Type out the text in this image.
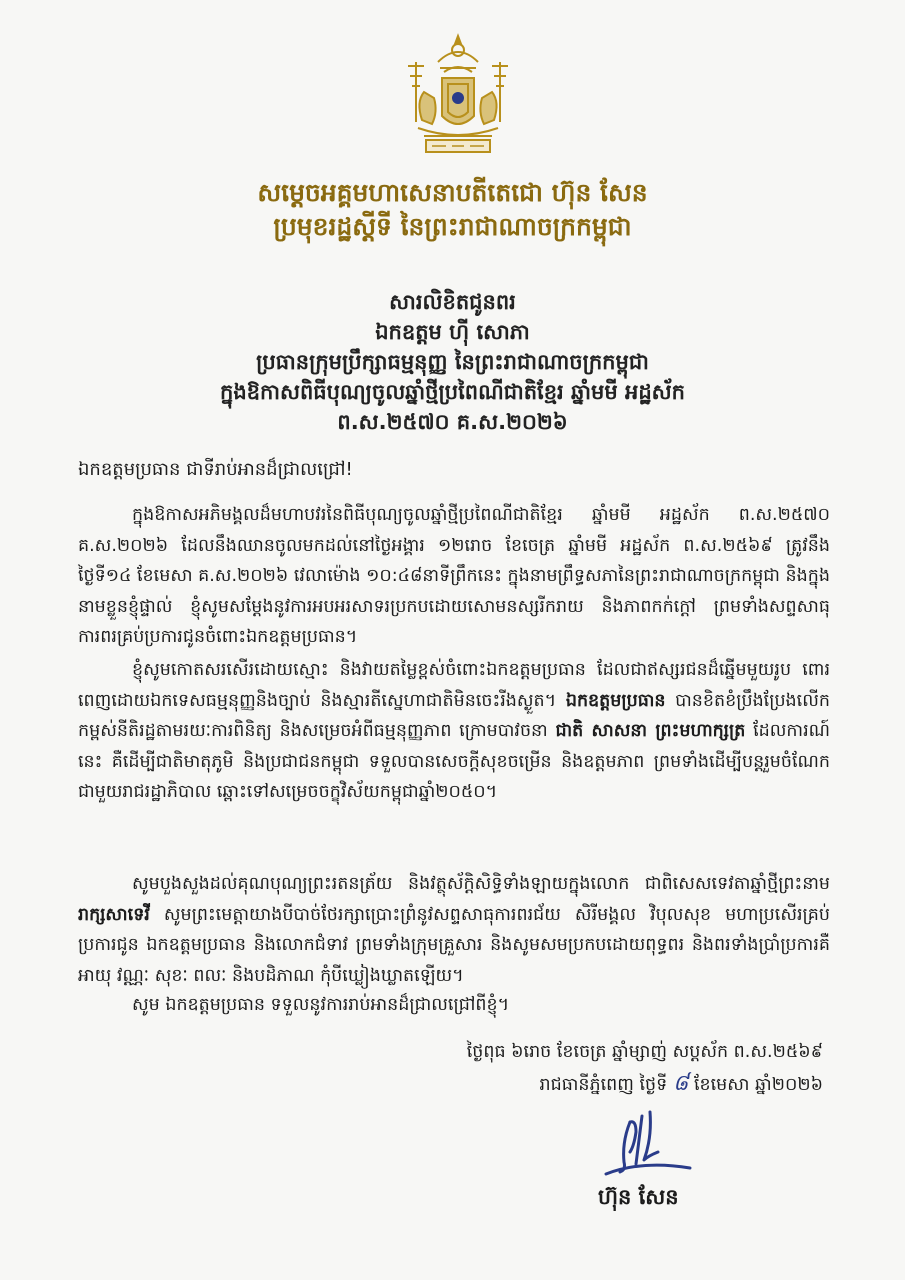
សម្តេចអគ្គមហាសេនាបតីតេជោ ហ៊ុន សែន
ប្រមុខរដ្ឋស្តីទី នៃព្រះរាជាណាចក្រកម្ពុជា
សារលិខិតជូនពរ
ឯកឧត្តម ហ៊ី សោភា
ប្រធានក្រុមប្រឹក្សាធម្មនុញ្ញ នៃព្រះរាជាណាចក្រកម្ពុជា
ក្នុងឱកាសពិធីបុណ្យចូលឆ្នាំថ្មីប្រពៃណីជាតិខ្មែរ ឆ្នាំមមី អដ្ឋស័ក
ព.ស.២៥៧០ គ.ស.២០២៦
ឯកឧត្តមប្រធាន ជាទីរាប់អានដ៏ជ្រាលជ្រៅ!
ក្នុងឱកាសអភិមង្គលដ៏មហាបវរនៃពិធីបុណ្យចូលឆ្នាំថ្មីប្រពៃណីជាតិខ្មែរ ឆ្នាំមមី អដ្ឋស័ក ព.ស.២៥៧០ គ.ស.២០២៦ ដែលនឹងឈានចូលមកដល់នៅថ្ងៃអង្គារ ១២រោច ខែចេត្រ ឆ្នាំមមី អដ្ឋស័ក ព.ស.២៥៦៩ ត្រូវនឹងថ្ងៃទី១៤ ខែមេសា គ.ស.២០២៦ វេលាម៉ោង ១០:៤៨នាទីព្រឹកនេះ ក្នុងនាមព្រឹទ្ធសភានៃព្រះរាជាណាចក្រកម្ពុជា និងក្នុងនាមខ្លួនខ្ញុំផ្ទាល់ ខ្ញុំសូមសម្តែងនូវការអបអរសាទរប្រកបដោយសោមនស្សរីករាយ និងភាពកក់ក្តៅ ព្រមទាំងសព្ទសាធុការពរគ្រប់ប្រការជូនចំពោះឯកឧត្តមប្រធាន។
ខ្ញុំសូមកោតសរសើរដោយស្មោះ និងវាយតម្លៃខ្ពស់ចំពោះឯកឧត្តមប្រធាន ដែលជាឥស្សរជនដ៏ឆ្នើមមួយរូប ពោរពេញដោយឯកទេសធម្មនុញ្ញនិងច្បាប់ និងស្មារតីស្នេហាជាតិមិនចេះរីងស្ងួត។ ឯកឧត្តមប្រធាន បានខិតខំប្រឹងប្រែងលើកកម្ពស់នីតិរដ្ឋតាមរយៈការពិនិត្យ និងសម្រេចអំពីធម្មនុញ្ញភាព ក្រោមបាវចនា ជាតិ សាសនា ព្រះមហាក្សត្រ ដែលការណ៍នេះ គឺដើម្បីជាតិមាតុភូមិ និងប្រជាជនកម្ពុជា ទទួលបានសេចក្តីសុខចម្រើន និងឧត្តមភាព ព្រមទាំងដើម្បីបន្តរួមចំណែកជាមួយរាជរដ្ឋាភិបាល ឆ្ពោះទៅសម្រេចចក្ខុវិស័យកម្ពុជាឆ្នាំ២០៥០។
សូមបួងសួងដល់គុណបុណ្យព្រះរតនត្រ័យ និងវត្ថុស័ក្តិសិទ្ធិទាំងឡាយក្នុងលោក ជាពិសេសទេវតាឆ្នាំថ្មីព្រះនាម រាក្សសាទេវី សូមព្រះមេត្តាយាងបីបាច់ថែរក្សាប្រោះព្រំនូវសព្ទសាធុការពរជ័យ សិរីមង្គល វិបុលសុខ មហាប្រសើរគ្រប់ប្រការជូន ឯកឧត្តមប្រធាន និងលោកជំទាវ ព្រមទាំងក្រុមគ្រួសារ និងសូមសមប្រកបដោយពុទ្ធពរ និងពរទាំងប្រាំប្រការគឺ អាយុ វណ្ណៈ សុខៈ ពលៈ និងបដិភាណ កុំបីឃ្លៀងឃ្លាតឡើយ។
សូម ឯកឧត្តមប្រធាន ទទួលនូវការរាប់អានដ៏ជ្រាលជ្រៅពីខ្ញុំ។
ថ្ងៃពុធ ៦រោច ខែចេត្រ ឆ្នាំម្សាញ់ សប្តស័ក ព.ស.២៥៦៩
រាជធានីភ្នំពេញ ថ្ងៃទី ៨ ខែមេសា ឆ្នាំ២០២៦
ហ៊ុន សែន
